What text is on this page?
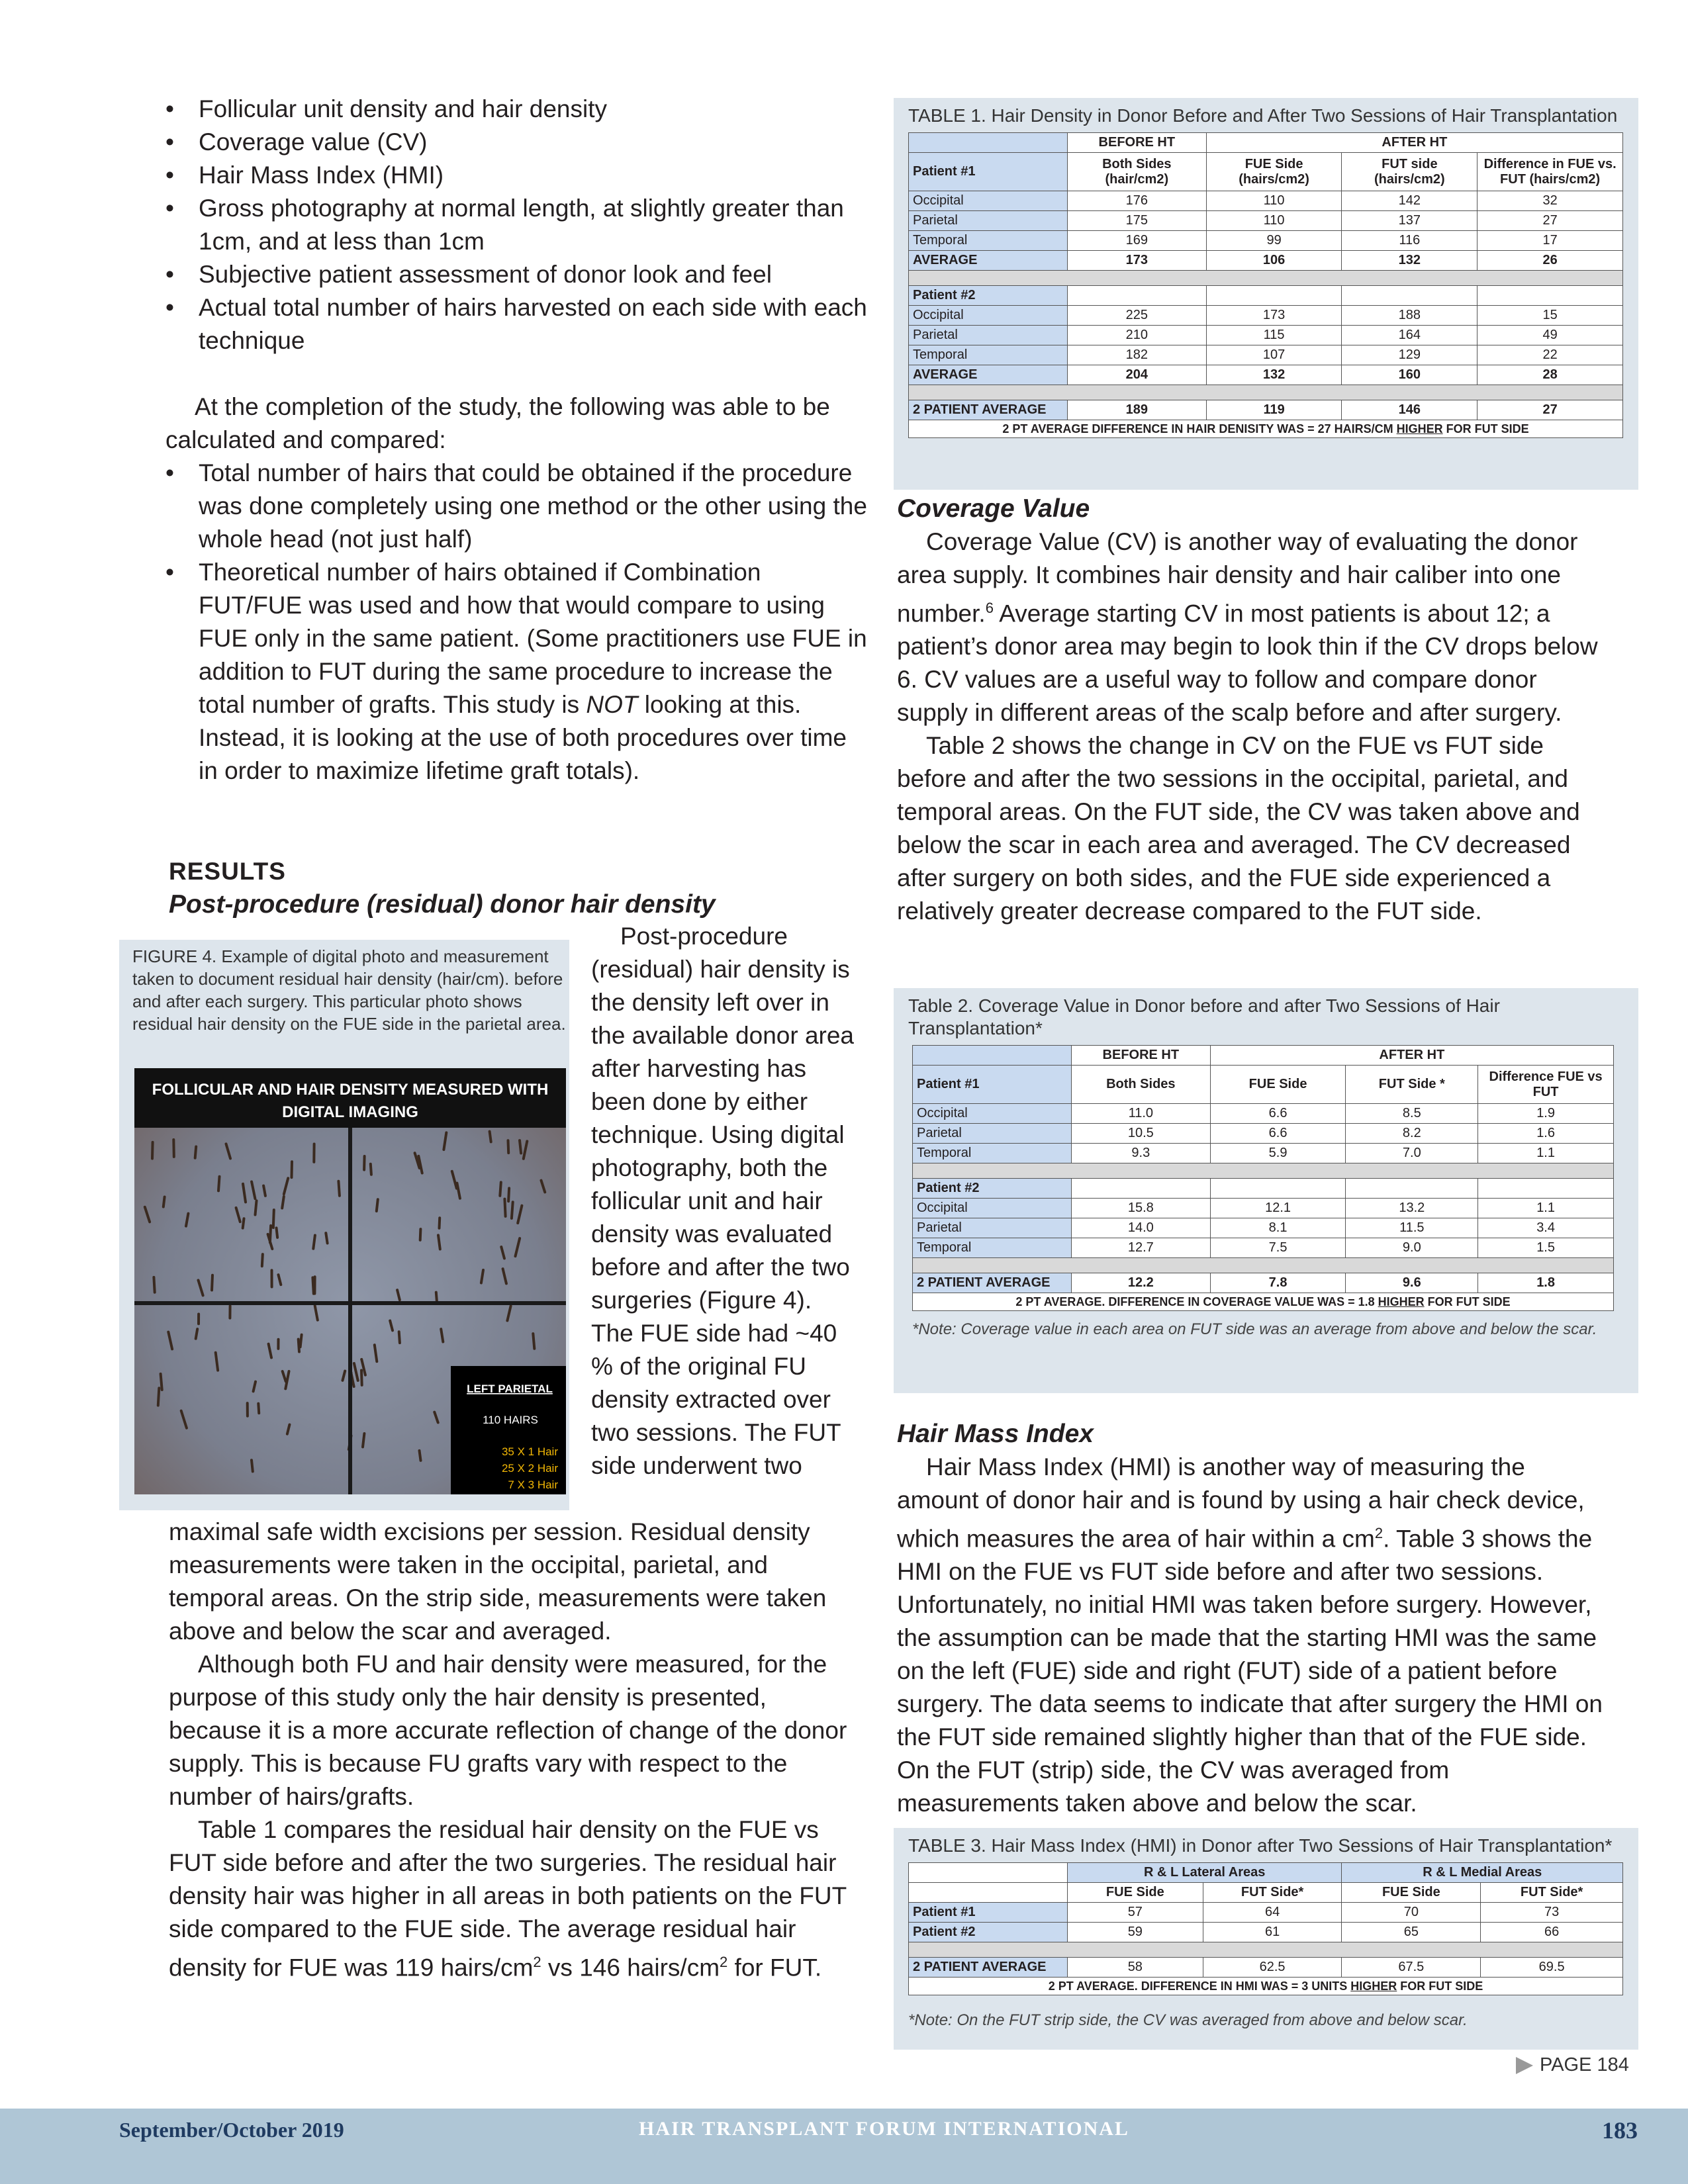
• Follicular unit density and hair density
• Coverage value (CV)
• Hair Mass Index (HMI)
• Gross photography at normal length, at slightly greater than 1cm, and at less than 1cm
• Subjective patient assessment of donor look and feel
• Actual total number of hairs harvested on each side with each technique

At the completion of the study, the following was able to be calculated and compared:

• Total number of hairs that could be obtained if the procedure was done completely using one method or the other using the whole head (not just half)
• Theoretical number of hairs obtained if Combination FUT/FUE was used and how that would compare to using FUE only in the same patient. (Some practitioners use FUE in addition to FUT during the same procedure to increase the total number of grafts. This study is NOT looking at this. Instead, it is looking at the use of both procedures over time in order to maximize lifetime graft totals).
RESULTS
Post-procedure (residual) donor hair density
FIGURE 4. Example of digital photo and measurement taken to document residual hair density (hair/cm). before and after each surgery. This particular photo shows residual hair density on the FUE side in the parietal area.
FOLLICULAR AND HAIR DENSITY MEASURED WITH
DIGITAL IMAGING
LEFT PARIETAL
110 HAIRS
35 X 1 Hair
25 X 2 Hair
7 X 3 Hair

Post-procedure (residual) hair density is the density left over in the available donor area after harvesting has been done by either technique. Using digital photography, both the follicular unit and hair density was evaluated before and after the two surgeries (Figure 4). The FUE side had ~40 % of the original FU density extracted over two sessions. The FUT side underwent two

maximal safe width excisions per session. Residual density measurements were taken in the occipital, parietal, and temporal areas. On the strip side, measurements were taken above and below the scar and averaged.

Although both FU and hair density were measured, for the purpose of this study only the hair density is presented, because it is a more accurate reflection of change of the donor supply. This is because FU grafts vary with respect to the number of hairs/grafts.

Table 1 compares the residual hair density on the FUE vs FUT side before and after the two surgeries. The residual hair density hair was higher in all areas in both patients on the FUT side compared to the FUE side. The average residual hair density for FUE was 119 hairs/$cm^2$ vs 146 hairs/$cm^2$ for FUT.

TABLE 1. Hair Density in Donor Before and After Two Sessions of Hair Transplantation
	BEFORE HT	AFTER HT		
Patient #1	Both Sides (hair/cm2)	FUE Side (hairs/cm2)	FUT side (hairs/cm2)	Difference in FUE vs. FUT (hairs/cm2)
Occipital	176	110	142	32
Parietal	175	110	137	27
Temporal	169	99	116	17
AVERAGE	173	106	132	26

Patient #2				
Occipital	225	173	188	15
Parietal	210	115	164	49
Temporal	182	107	129	22
AVERAGE	204	132	160	28

2 PATIENT AVERAGE	189	119	146	27
2 PT AVERAGE DIFFERENCE IN HAIR DENISITY WAS = 27 HAIRS/CM HIGHER FOR FUT SIDE				
Coverage Value

Coverage Value (CV) is another way of evaluating the donor area supply. It combines hair density and hair caliber into one number.$^6$ Average starting CV in most patients is about 12; a patient’s donor area may begin to look thin if the CV drops below 6. CV values are a useful way to follow and compare donor supply in different areas of the scalp before and after surgery.

Table 2 shows the change in CV on the FUE vs FUT side before and after the two sessions in the occipital, parietal, and temporal areas. On the FUT side, the CV was taken above and below the scar in each area and averaged. The CV decreased after surgery on both sides, and the FUE side experienced a relatively greater decrease compared to the FUT side.

Table 2. Coverage Value in Donor before and after Two Sessions of Hair Transplantation*
	BEFORE HT	AFTER HT		
Patient #1	Both Sides	FUE Side	FUT Side *	Difference FUE vs FUT
Occipital	11.0	6.6	8.5	1.9
Parietal	10.5	6.6	8.2	1.6
Temporal	9.3	5.9	7.0	1.1

Patient #2				
Occipital	15.8	12.1	13.2	1.1
Parietal	14.0	8.1	11.5	3.4
Temporal	12.7	7.5	9.0	1.5

2 PATIENT AVERAGE	12.2	7.8	9.6	1.8
2 PT AVERAGE. DIFFERENCE IN COVERAGE VALUE WAS = 1.8 HIGHER FOR FUT SIDE				
*Note: Coverage value in each area on FUT side was an average from above and below the scar.
Hair Mass Index

Hair Mass Index (HMI) is another way of measuring the amount of donor hair and is found by using a hair check device, which measures the area of hair within a $cm^2$. Table 3 shows the HMI on the FUE vs FUT side before and after two sessions. Unfortunately, no initial HMI was taken before surgery. However, the assumption can be made that the starting HMI was the same on the left (FUE) side and right (FUT) side of a patient before surgery. The data seems to indicate that after surgery the HMI on the FUT side remained slightly higher than that of the FUE side. On the FUT (strip) side, the CV was averaged from measurements taken above and below the scar.

TABLE 3. Hair Mass Index (HMI) in Donor after Two Sessions of Hair Transplantation*
	R & L Lateral Areas		R & L Medial Areas	
	FUE Side	FUT Side*	FUE Side	FUT Side*
Patient #1	57	64	70	73
Patient #2	59	61	65	66

2 PATIENT AVERAGE	58	62.5	67.5	69.5
2 PT AVERAGE. DIFFERENCE IN HMI WAS = 3 UNITS HIGHER FOR FUT SIDE				
*Note: On the FUT strip side, the CV was averaged from above and below scar.
PAGE 184
September/October 2019	HAIR TRANSPLANT FORUM INTERNATIONAL	183
